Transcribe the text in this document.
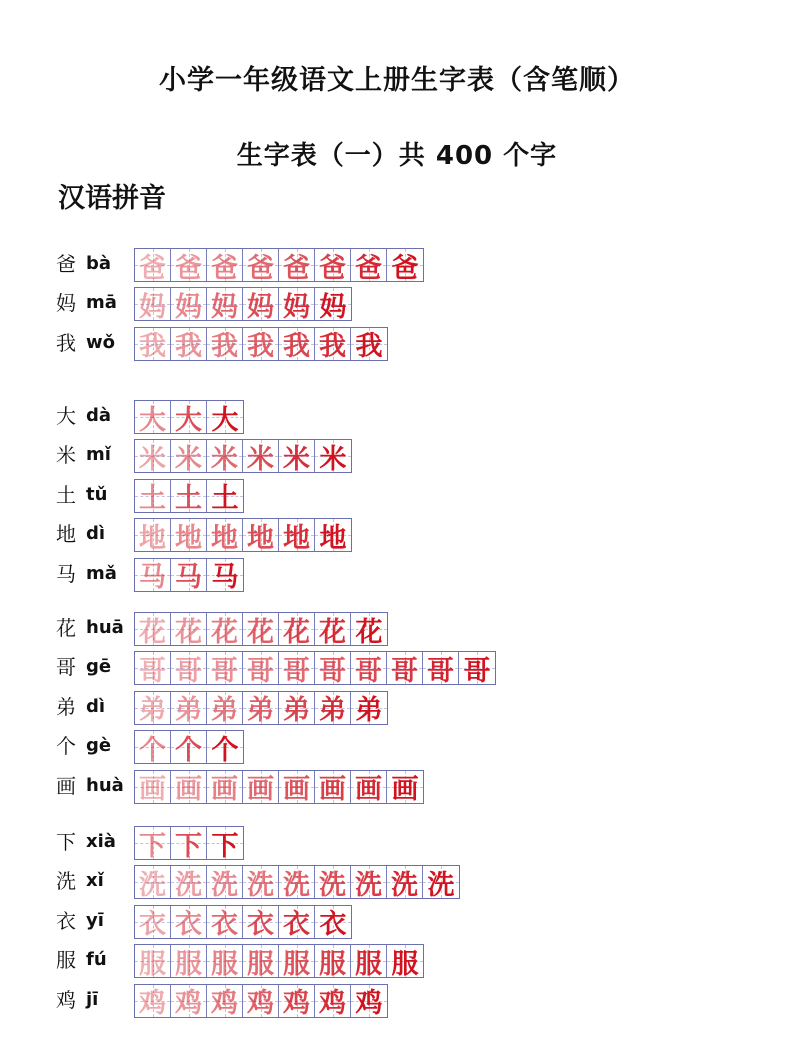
小学一年级语文上册生字表（含笔顺）
生字表（一）共 400 个字
汉语拼音
爸 bà 爸 爸 爸 爸 爸 爸 爸 爸
妈 mā 妈 妈 妈 妈 妈 妈
我 wǒ 我 我 我 我 我 我 我
大 dà 大 大 大
米 mǐ 米 米 米 米 米 米
土 tǔ 土 土 土
地 dì 地 地 地 地 地 地
马 mǎ 马 马 马
花 huā 花 花 花 花 花 花 花
哥 gē 哥 哥 哥 哥 哥 哥 哥 哥 哥 哥
弟 dì 弟 弟 弟 弟 弟 弟 弟
个 gè 个 个 个
画 huà 画 画 画 画 画 画 画 画
下 xià 下 下 下
洗 xǐ 洗 洗 洗 洗 洗 洗 洗 洗 洗
衣 yī 衣 衣 衣 衣 衣 衣
服 fú 服 服 服 服 服 服 服 服
鸡 jī 鸡 鸡 鸡 鸡 鸡 鸡 鸡
